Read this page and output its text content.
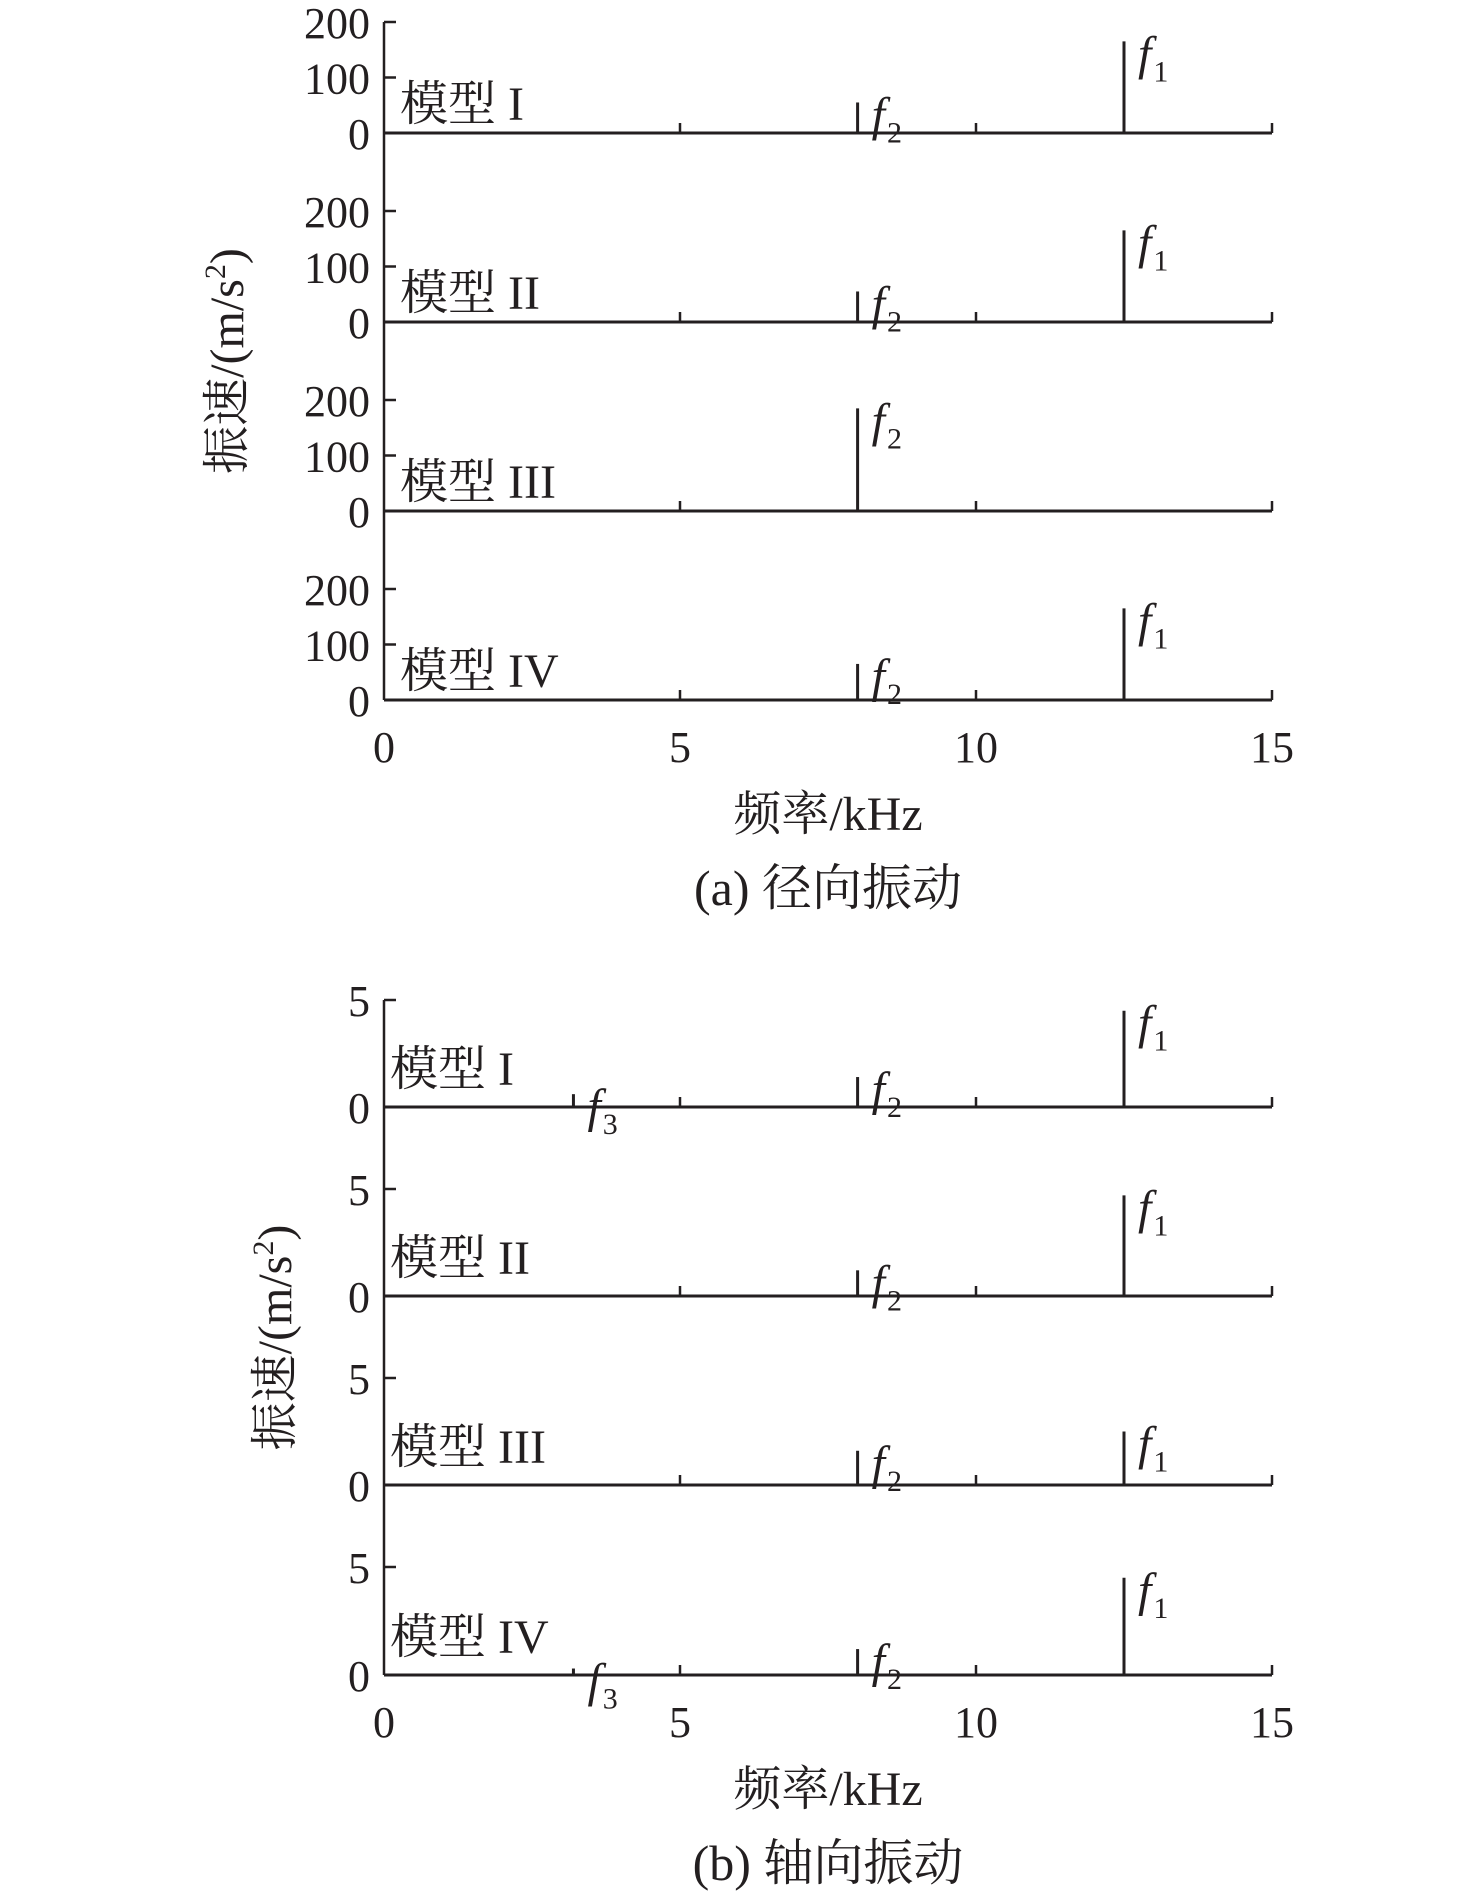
0
100
200
模型 I	$f_2$
$f_1$
0
100
200
模型 II	$f_2$
$f_1$
0
100
200
模型 III
$f_2$
0
100
200
模型 IV	$f_2$
$f_1$
0	5	10	15
频率/kHz
(a) 径向振动
振速$/(m/s^2)$
0
5
模型 I
$f_3$
$f_2$
$f_1$
0
5
模型 II	$f_2$
$f_1$
0
5
模型 III	$f_2$
$f_1$
0
5
模型 IV
$f_3$
$f_2$
$f_1$
0	5	10	15
频率/kHz
(b) 轴向振动
振速$/(m/s^2)$
